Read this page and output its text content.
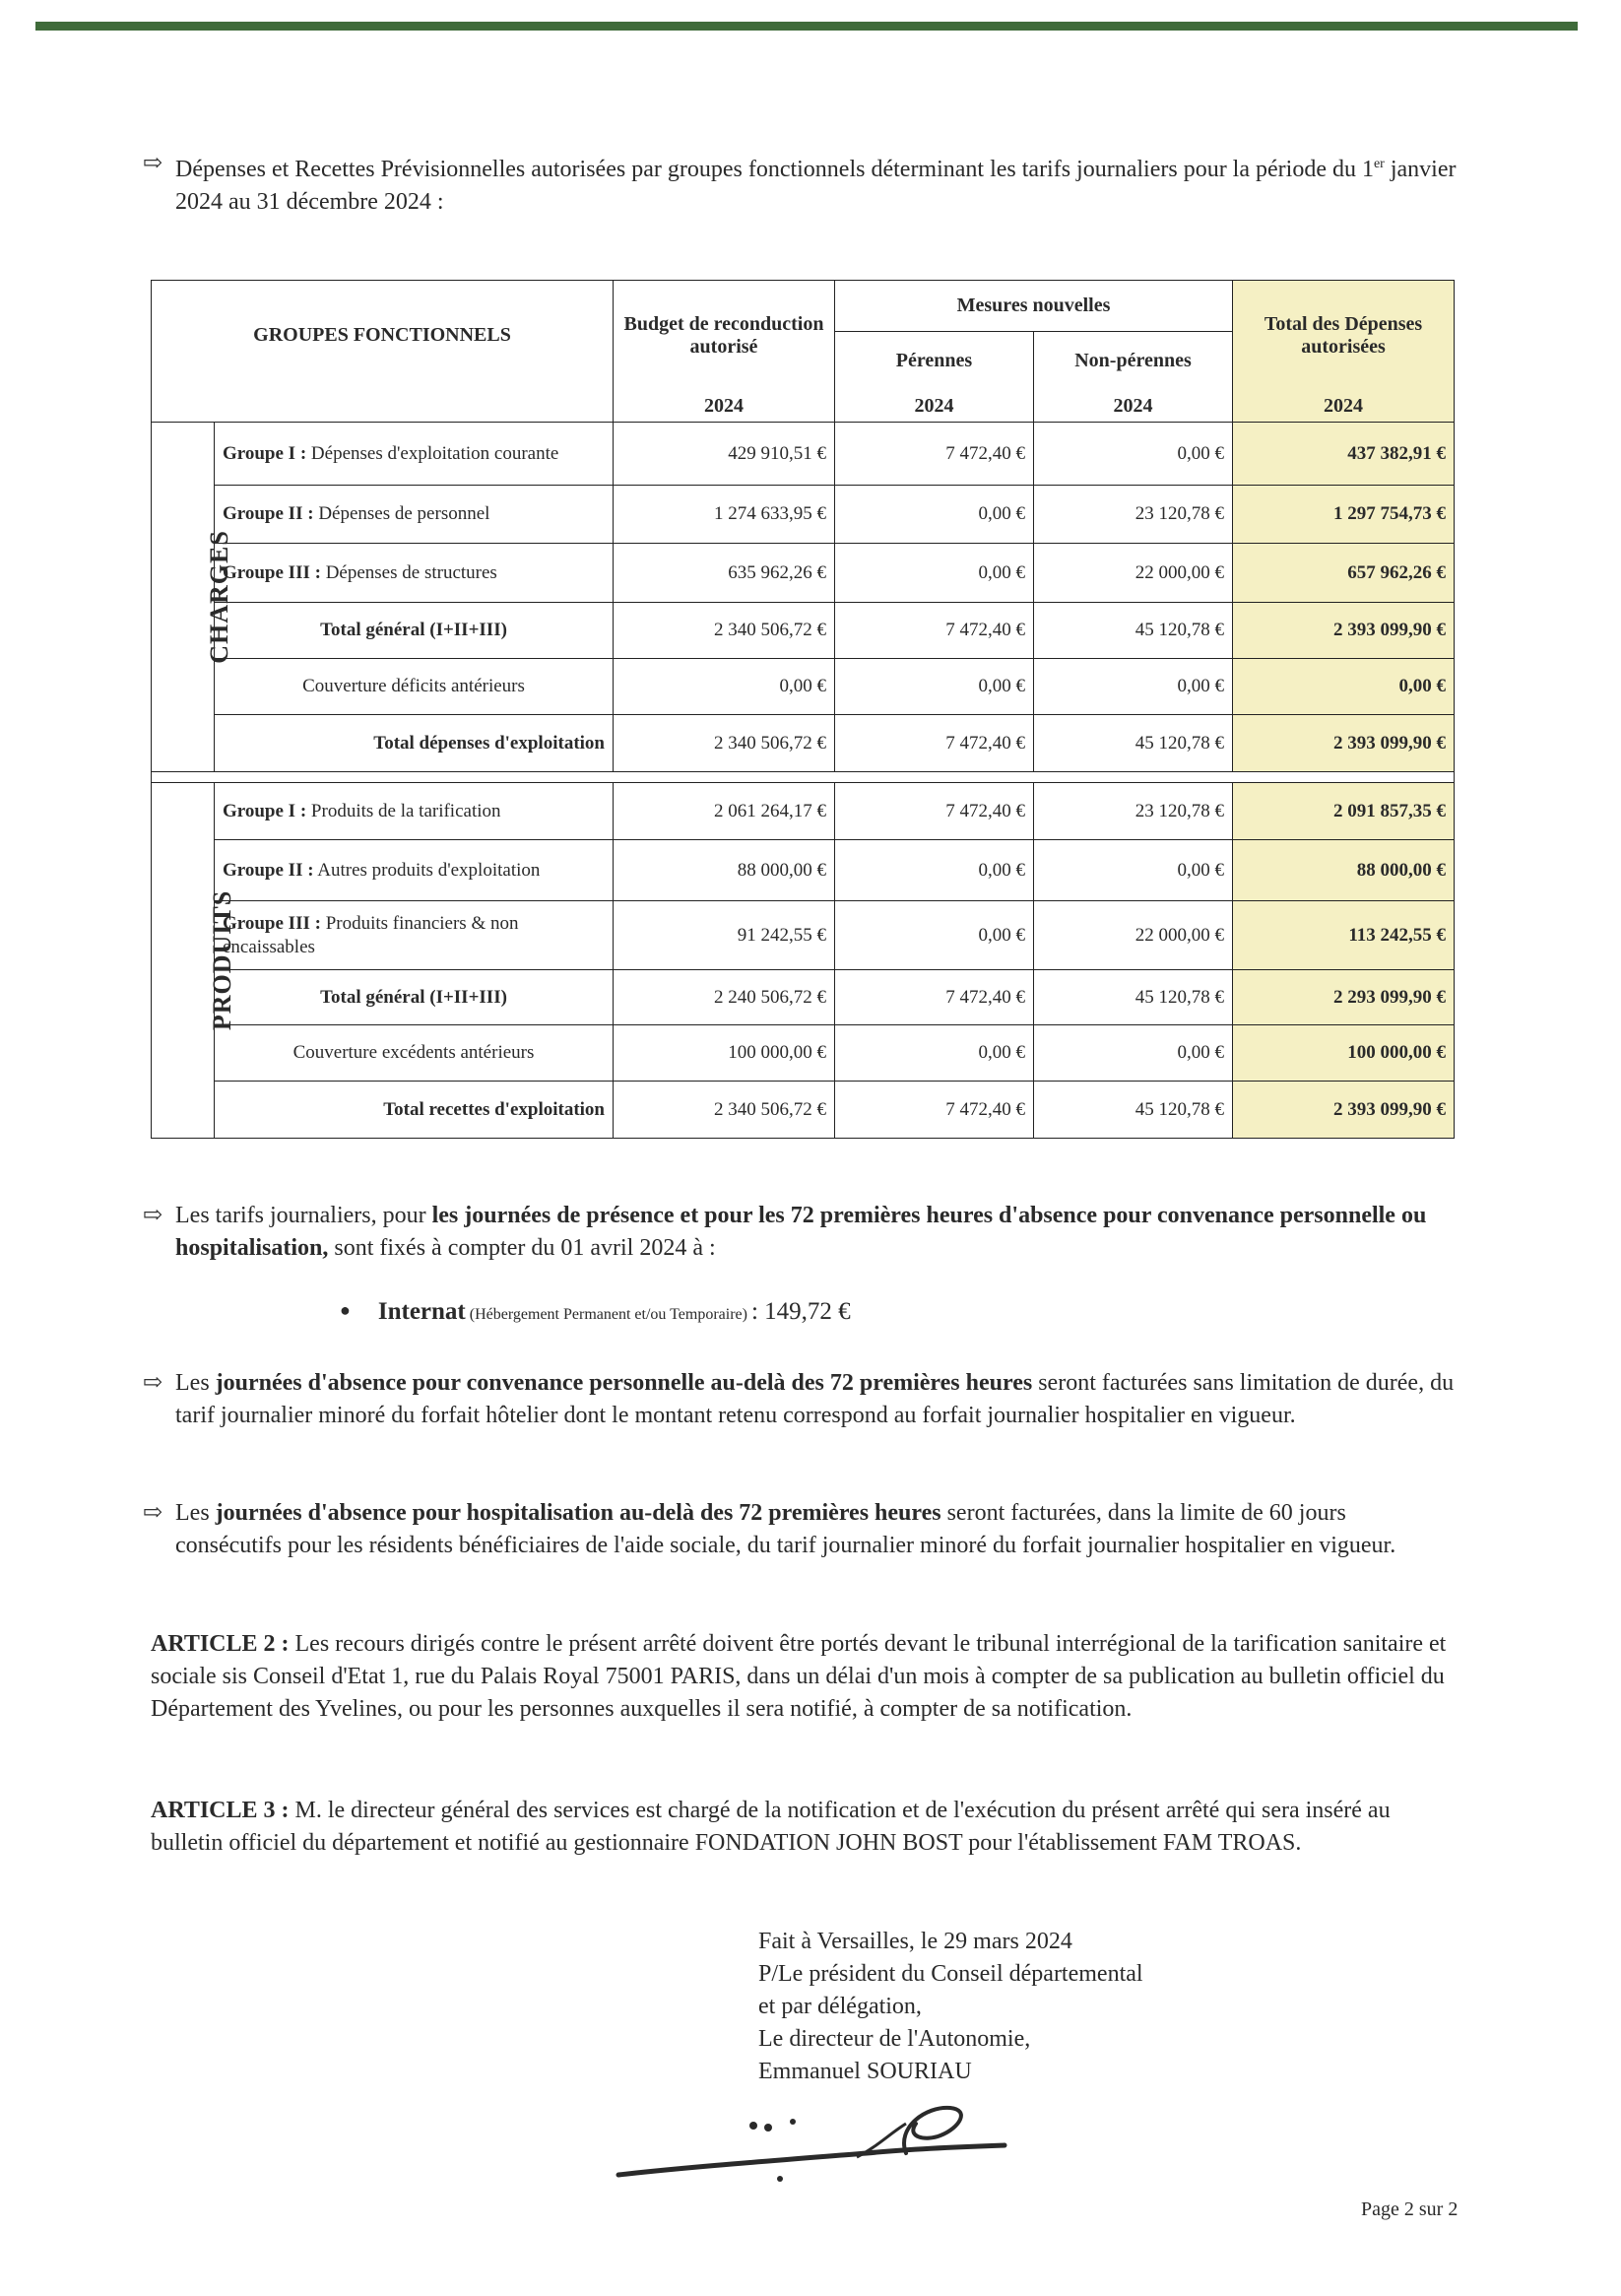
⇨ Dépenses et Recettes Prévisionnelles autorisées par groupes fonctionnels déterminant les tarifs journaliers pour la période du 1er janvier 2024 au 31 décembre 2024 :
GROUPES FONCTIONNELS		Budget de reconduction autorisé	Mesures nouvelles		Total des Dépenses autorisées
			Pérennes	Non-pérennes	
		2024	2024	2024	2024
CHARGES	Groupe I : Dépenses d'exploitation courante	429 910,51 €	7 472,40 €	0,00 €	437 382,91 €
	Groupe II : Dépenses de personnel	1 274 633,95 €	0,00 €	23 120,78 €	1 297 754,73 €
	Groupe III : Dépenses de structures	635 962,26 €	0,00 €	22 000,00 €	657 962,26 €
	Total général (I+II+III)	2 340 506,72 €	7 472,40 €	45 120,78 €	2 393 099,90 €
	Couverture déficits antérieurs	0,00 €	0,00 €	0,00 €	0,00 €
	Total dépenses d'exploitation	2 340 506,72 €	7 472,40 €	45 120,78 €	2 393 099,90 €

PRODUITS	Groupe I : Produits de la tarification	2 061 264,17 €	7 472,40 €	23 120,78 €	2 091 857,35 €
	Groupe II : Autres produits d'exploitation	88 000,00 €	0,00 €	0,00 €	88 000,00 €
	Groupe III : Produits financiers & non encaissables	91 242,55 €	0,00 €	22 000,00 €	113 242,55 €
	Total général (I+II+III)	2 240 506,72 €	7 472,40 €	45 120,78 €	2 293 099,90 €
	Couverture excédents antérieurs	100 000,00 €	0,00 €	0,00 €	100 000,00 €
	Total recettes d'exploitation	2 340 506,72 €	7 472,40 €	45 120,78 €	2 393 099,90 €
⇨ Les tarifs journaliers, pour les journées de présence et pour les 72 premières heures d'absence pour convenance personnelle ou hospitalisation, sont fixés à compter du 01 avril 2024 à :
● Internat (Hébergement Permanent et/ou Temporaire) : 149,72 €
⇨ Les journées d'absence pour convenance personnelle au-delà des 72 premières heures seront facturées sans limitation de durée, du tarif journalier minoré du forfait hôtelier dont le montant retenu correspond au forfait journalier hospitalier en vigueur.
⇨ Les journées d'absence pour hospitalisation au-delà des 72 premières heures seront facturées, dans la limite de 60 jours consécutifs pour les résidents bénéficiaires de l'aide sociale, du tarif journalier minoré du forfait journalier hospitalier en vigueur.
ARTICLE 2 : Les recours dirigés contre le présent arrêté doivent être portés devant le tribunal interrégional de la tarification sanitaire et sociale sis Conseil d'Etat 1, rue du Palais Royal 75001 PARIS, dans un délai d'un mois à compter de sa publication au bulletin officiel du Département des Yvelines, ou pour les personnes auxquelles il sera notifié, à compter de sa notification.
ARTICLE 3 : M. le directeur général des services est chargé de la notification et de l'exécution du présent arrêté qui sera inséré au bulletin officiel du département et notifié au gestionnaire FONDATION JOHN BOST pour l'établissement FAM TROAS.
Fait à Versailles, le 29 mars 2024
P/Le président du Conseil départemental
et par délégation,
Le directeur de l'Autonomie,
Emmanuel SOURIAU
Page 2 sur 2
